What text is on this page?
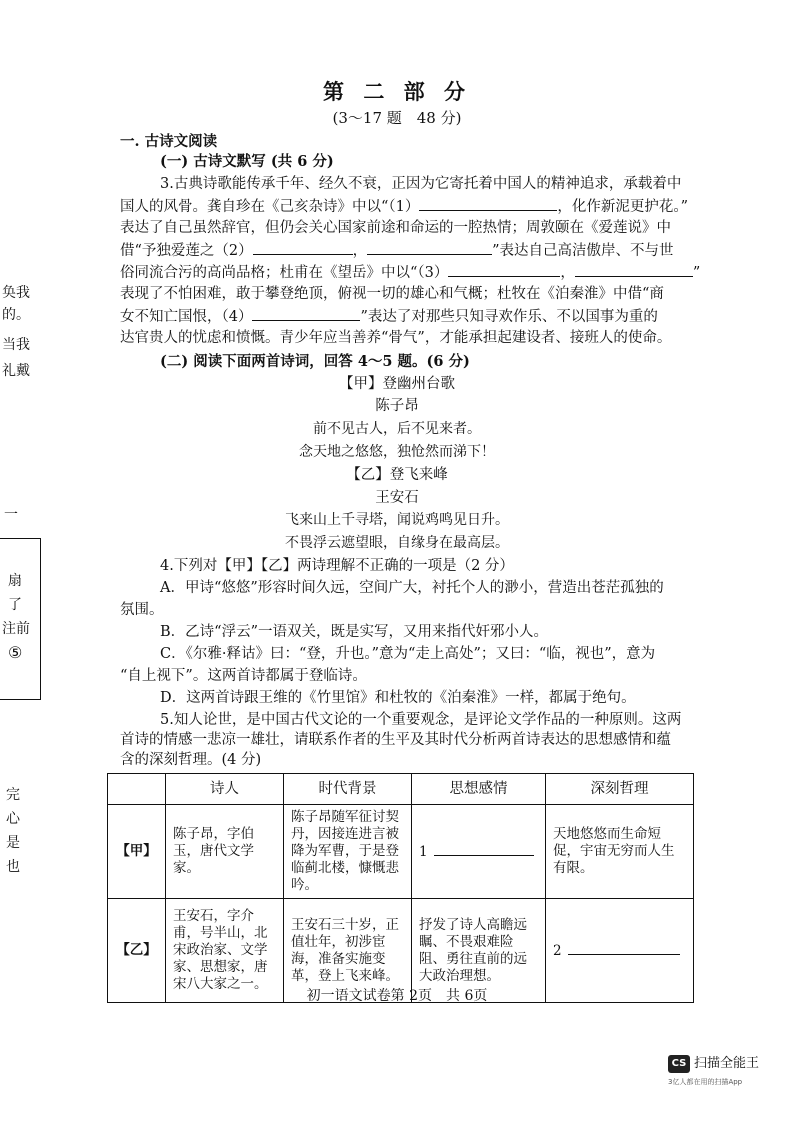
第 二 部 分
(3～17 题　48 分)
一. 古诗文阅读
(一) 古诗文默写 (共 6 分)
3.古典诗歌能传承千年、经久不衰，正因为它寄托着中国人的精神追求，承载着中
国人的风骨。龚自珍在《己亥杂诗》中以“（1）	，化作新泥更护花。”
表达了自己虽然辞官，但仍会关心国家前途和命运的一腔热情；周敦颐在《爱莲说》中
借“予独爱莲之（2）	，	”表达自己高洁傲岸、不与世
俗同流合污的高尚品格；杜甫在《望岳》中以“（3）	，	”
表现了不怕困难，敢于攀登绝顶，俯视一切的雄心和气概；杜牧在《泊秦淮》中借“商
女不知亡国恨，（4）	”表达了对那些只知寻欢作乐、不以国事为重的
达官贵人的忧虑和愤慨。青少年应当善养“骨气”，才能承担起建设者、接班人的使命。
(二) 阅读下面两首诗词，回答 4～5 题。(6 分)
【甲】登幽州台歌
陈子昂
前不见古人，后不见来者。
念天地之悠悠，独怆然而涕下！
【乙】登飞来峰
王安石
飞来山上千寻塔，闻说鸡鸣见日升。
不畏浮云遮望眼，自缘身在最高层。
4.下列对【甲】【乙】两诗理解不正确的一项是（2 分）
A．甲诗“悠悠”形容时间久远，空间广大，衬托个人的渺小，营造出苍茫孤独的
氛围。
B．乙诗“浮云”一语双关，既是实写，又用来指代奸邪小人。
C．《尔雅·释诂》曰：“登，升也。”意为“走上高处”；又曰：“临，视也”，意为
“自上视下”。这两首诗都属于登临诗。
D．这两首诗跟王维的《竹里馆》和杜牧的《泊秦淮》一样，都属于绝句。
5.知人论世，是中国古代文论的一个重要观念，是评论文学作品的一种原则。这两
首诗的情感一悲凉一雄壮，请联系作者的生平及其时代分析两首诗表达的思想感情和蕴
含的深刻哲理。(4 分)
	诗人	时代背景	思想感情	深刻哲理
【甲】	陈子昂，字伯玉，唐代文学家。	陈子昂随军征讨契丹，因接连进言被降为军曹，于是登临蓟北楼，慷慨悲吟。	1	天地悠悠而生命短促，宇宙无穷而人生有限。
【乙】	王安石，字介甫，号半山，北宋政治家、文学家、思想家，唐宋八大家之一。	王安石三十岁，正值壮年，初涉宦海，准备实施变革，登上飞来峰。	抒发了诗人高瞻远瞩、不畏艰难险阻、勇往直前的远大政治理想。	2
初一语文试卷第 2页　共 6页
奂我
的。
当我
礼戴
一
扇
了
注前
⑤
完
心
是
也
CS 扫描全能王
3亿人都在用的扫描App
